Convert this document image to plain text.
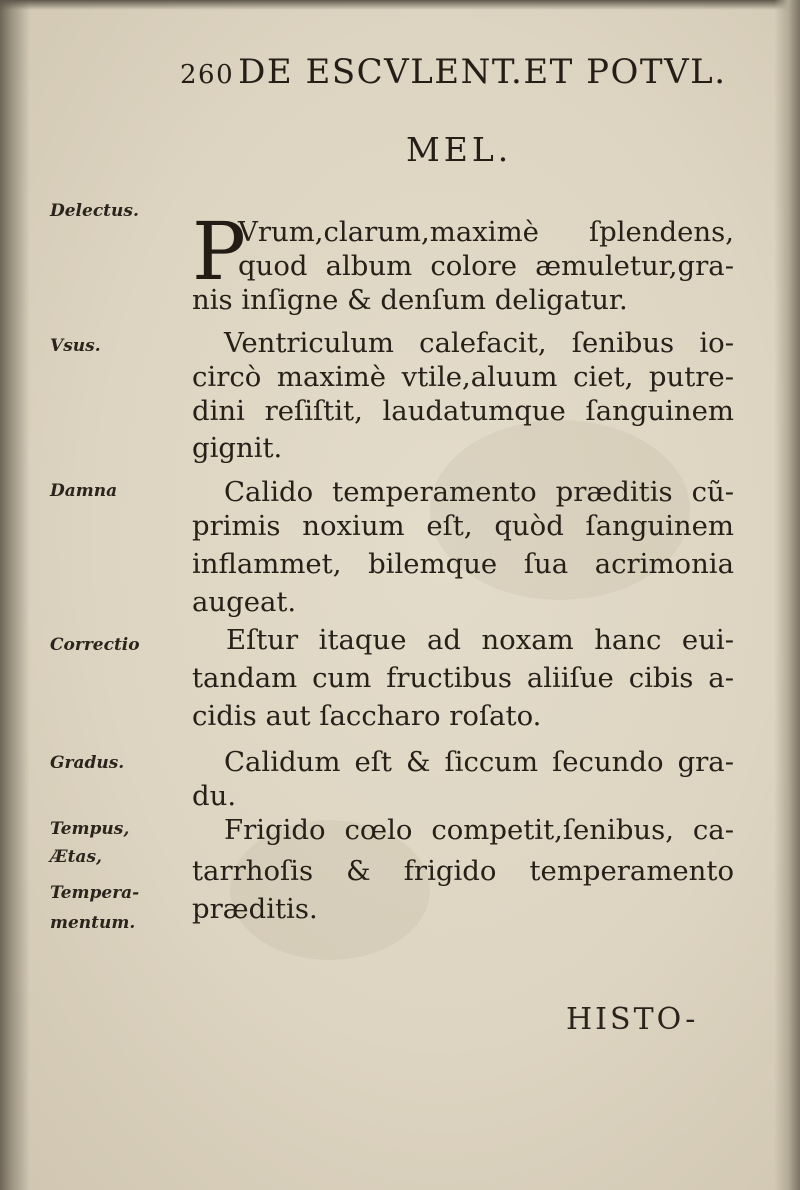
260 DE ESCVLENT.ET POTVL.
MEL.
Delectus.
Vsus.
Damna
Correctio
Gradus.
Tempus,
Ætas,
Tempera-
mentum.
P
Vrum,clarum,maximè ſplendens,
quod album colore æmuletur,gra-
nis inſigne & denſum deligatur.
Ventriculum calefacit, ſenibus io-
circò maximè vtile,aluum ciet, putre-
dini reſiſtit, laudatumque ſanguinem
gignit.
Calido temperamento præditis cũ-
primis noxium eſt, quòd ſanguinem
inflammet, bilemque ſua acrimonia
augeat.
Eſtur itaque ad noxam hanc eui-
tandam cum fructibus aliiſue cibis a-
cidis aut ſaccharo roſato.
Calidum eſt & ſiccum ſecundo gra-
du.
Frigido cœlo competit,ſenibus, ca-
tarrhoſis & frigido temperamento
præditis.
HISTO-
